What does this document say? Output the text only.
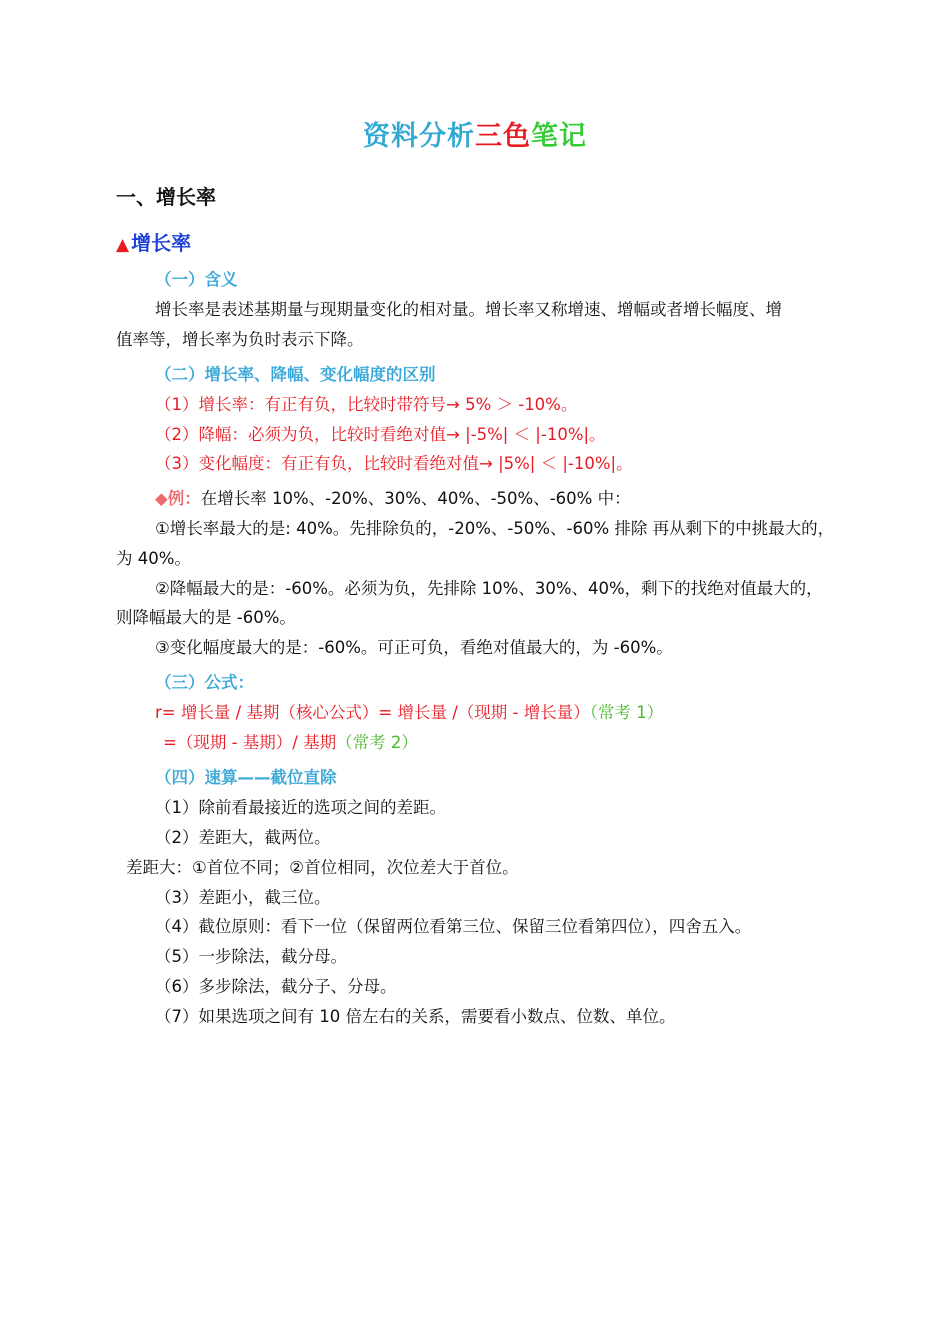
资料分析三色笔记
一、增长率
▲ 增长率
（一）含义
增长率是表述基期量与现期量变化的相对量。增长率又称增速、增幅或者增长幅度、增
值率等，增长率为负时表示下降。
（二）增长率、降幅、变化幅度的区别
（1）增长率：有正有负，比较时带符号→ 5% ＞ -10%。
（2）降幅：必须为负，比较时看绝对值→ |-5%| ＜ |-10%|。
（3）变化幅度：有正有负，比较时看绝对值→ |5%| ＜ |-10%|。
◆例：在增长率 10%、-20%、30%、40%、-50%、-60% 中：
①增长率最大的是: 40%。先排除负的，-20%、-50%、-60% 排除 再从剩下的中挑最大的，
为 40%。
②降幅最大的是：-60%。必须为负，先排除 10%、30%、40%，剩下的找绝对值最大的，
则降幅最大的是 -60%。
③变化幅度最大的是：-60%。可正可负，看绝对值最大的，为 -60%。
（三）公式：
r= 增长量 / 基期（核心公式）= 增长量 /（现期 - 增长量）（常考 1）
=（现期 - 基期）/ 基期（常考 2）
（四）速算——截位直除
（1）除前看最接近的选项之间的差距。
（2）差距大，截两位。
差距大：①首位不同；②首位相同，次位差大于首位。
（3）差距小，截三位。
（4）截位原则：看下一位（保留两位看第三位、保留三位看第四位），四舍五入。
（5）一步除法，截分母。
（6）多步除法，截分子、分母。
（7）如果选项之间有 10 倍左右的关系，需要看小数点、位数、单位。
